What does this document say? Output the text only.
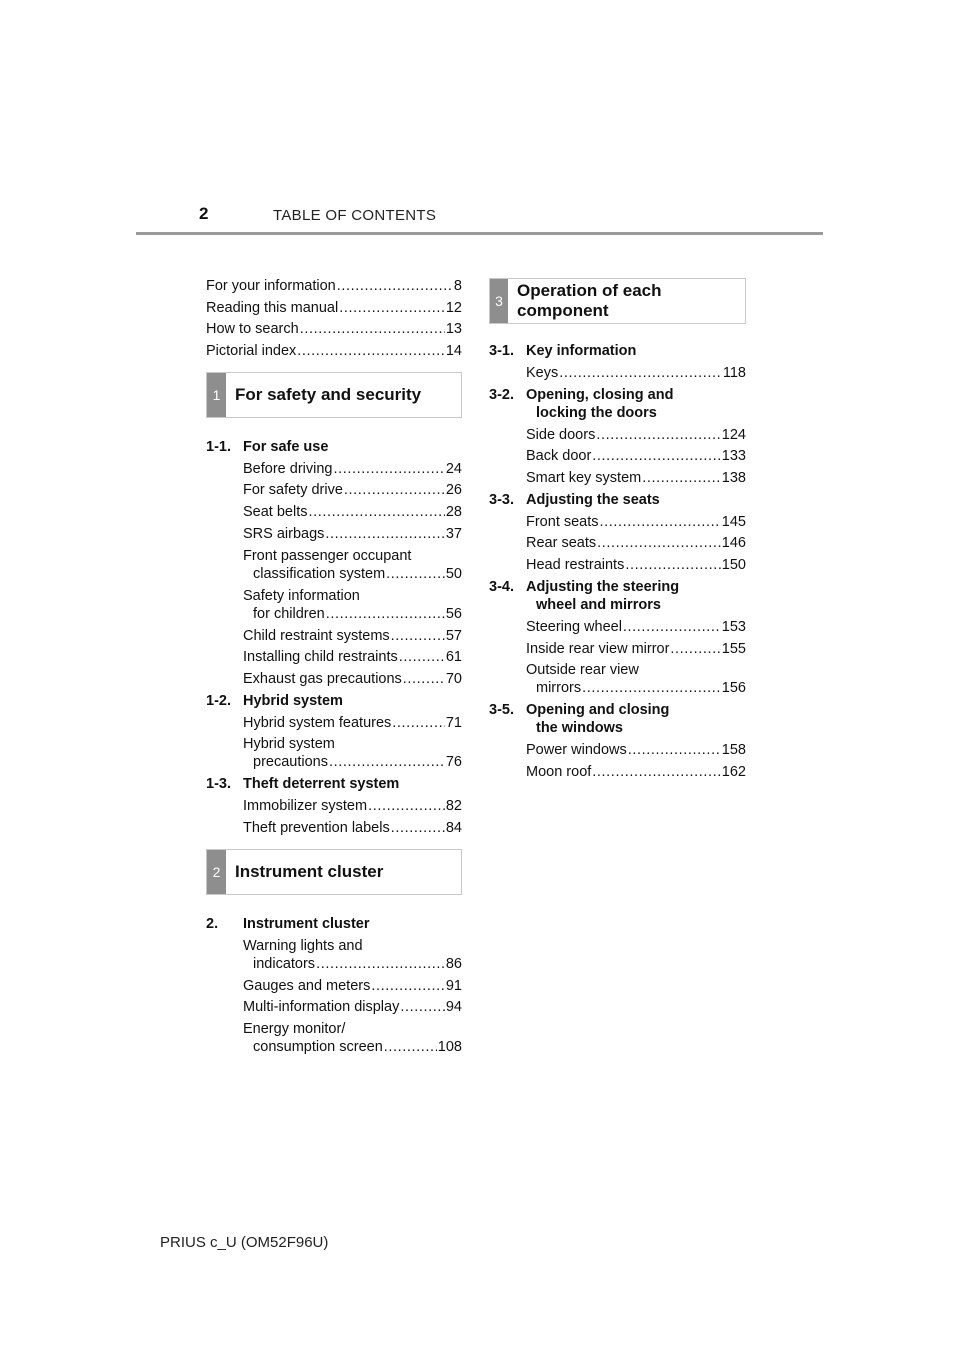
2	TABLE OF CONTENTS
For your information .....	8
Reading this manual .....	12
How to search .....	13
Pictorial index .....	14
1 For safety and security
1-1. For safe use
Before driving .....	24
For safety drive .....	26
Seat belts .....	28
SRS airbags .....	37
Front passenger occupant
classification system .....	50
Safety information
for children .....	56
Child restraint systems .....	57
Installing child restraints .....	61
Exhaust gas precautions .....	70
1-2. Hybrid system
Hybrid system features .....	71
Hybrid system
precautions .....	76
1-3. Theft deterrent system
Immobilizer system .....	82
Theft prevention labels .....	84
2 Instrument cluster
2.	Instrument cluster
Warning lights and
indicators .....	86
Gauges and meters .....	91
Multi-information display .....	94
Energy monitor/
consumption screen .....	108
3
Operation of each component
3-1. Key information
Keys .....	118
3-2. Opening, closing and
locking the doors
Side doors .....	124
Back door .....	133
Smart key system .....	138
3-3. Adjusting the seats
Front seats .....	145
Rear seats .....	146
Head restraints .....	150
3-4. Adjusting the steering
wheel and mirrors
Steering wheel .....	153
Inside rear view mirror .....	155
Outside rear view
mirrors .....	156
3-5. Opening and closing
the windows
Power windows .....	158
Moon roof .....	162
PRIUS c_U (OM52F96U)
